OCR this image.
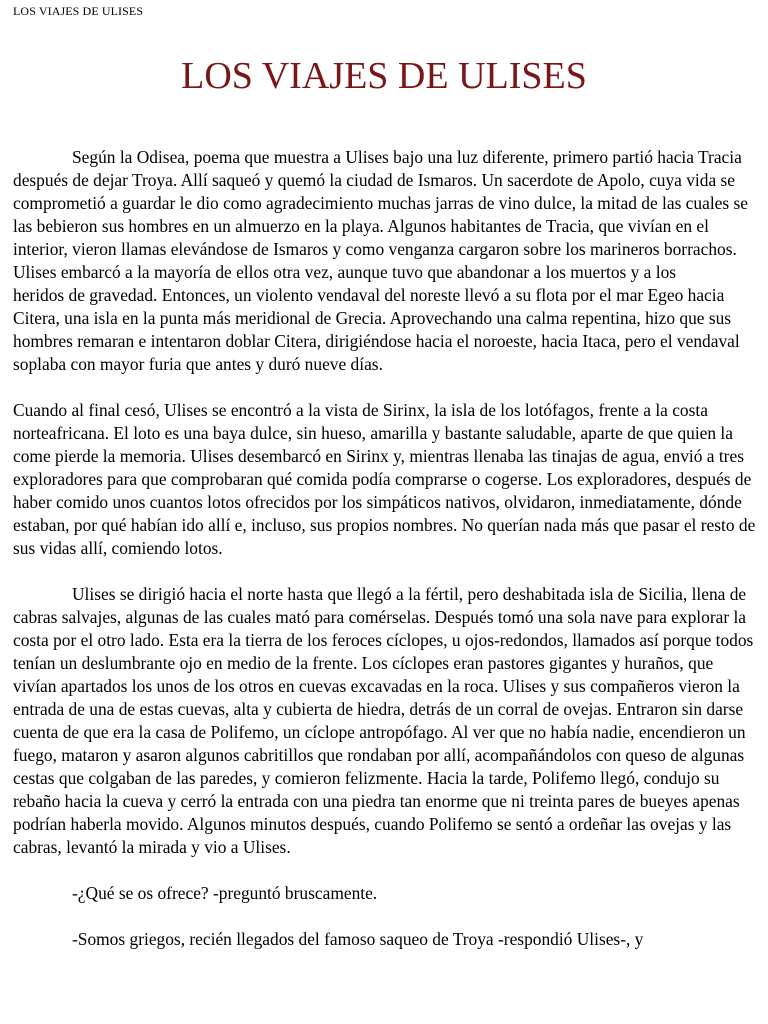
LOS VIAJES DE ULISES
LOS VIAJES DE ULISES

Según la Odisea, poema que muestra a Ulises bajo una luz diferente, primero partió hacia Tracia después de dejar Troya. Allí saqueó y quemó la ciudad de Ismaros. Un sacerdote de Apolo, cuya vida se comprometió a guardar le dio como agradecimiento muchas jarras de vino dulce, la mitad de las cuales se las bebieron sus hombres en un almuerzo en la playa. Algunos habitantes de Tracia, que vivían en el interior, vieron llamas elevándose de Ismaros y como venganza cargaron sobre los marineros borrachos. Ulises embarcó a la mayoría de ellos otra vez, aunque tuvo que abandonar a los muertos y a los

heridos de gravedad. Entonces, un violento vendaval del noreste llevó a su flota por el mar Egeo hacia Citera, una isla en la punta más meridional de Grecia. Aprovechando una calma repentina, hizo que sus hombres remaran e intentaron doblar Citera, dirigiéndose hacia el noroeste, hacia Itaca, pero el vendaval soplaba con mayor furia que antes y duró nueve días.

Cuando al final cesó, Ulises se encontró a la vista de Sirinx, la isla de los lotófagos, frente a la costa norteafricana. El loto es una baya dulce, sin hueso, amarilla y bastante saludable, aparte de que quien la come pierde la memoria. Ulises desembarcó en Sirinx y, mientras llenaba las tinajas de agua, envió a tres exploradores para que comprobaran qué comida podía comprarse o cogerse. Los exploradores, después de haber comido unos cuantos lotos ofrecidos por los simpáticos nativos, olvidaron, inmediatamente, dónde estaban, por qué habían ido allí e, incluso, sus propios nombres. No querían nada más que pasar el resto de sus vidas allí, comiendo lotos.

Ulises se dirigió hacia el norte hasta que llegó a la fértil, pero deshabitada isla de Sicilia, llena de cabras salvajes, algunas de las cuales mató para comérselas. Después tomó una sola nave para explorar la costa por el otro lado. Esta era la tierra de los feroces cíclopes, u ojos-redondos, llamados así porque todos tenían un deslumbrante ojo en medio de la frente. Los cíclopes eran pastores gigantes y huraños, que vivían apartados los unos de los otros en cuevas excavadas en la roca. Ulises y sus compañeros vieron la entrada de una de estas cuevas, alta y cubierta de hiedra, detrás de un corral de ovejas. Entraron sin darse cuenta de que era la casa de Polifemo, un cíclope antropófago. Al ver que no había nadie, encendieron un fuego, mataron y asaron algunos cabritillos que rondaban por allí, acompañándolos con queso de algunas cestas que colgaban de las paredes, y comieron felizmente. Hacia la tarde, Polifemo llegó, condujo su rebaño hacia la cueva y cerró la entrada con una piedra tan enorme que ni treinta pares de bueyes apenas podrían haberla movido. Algunos minutos después, cuando Polifemo se sentó a ordeñar las ovejas y las cabras, levantó la mirada y vio a Ulises.

-¿Qué se os ofrece? -preguntó bruscamente.

-Somos griegos, recién llegados del famoso saqueo de Troya -respondió Ulises-, y
